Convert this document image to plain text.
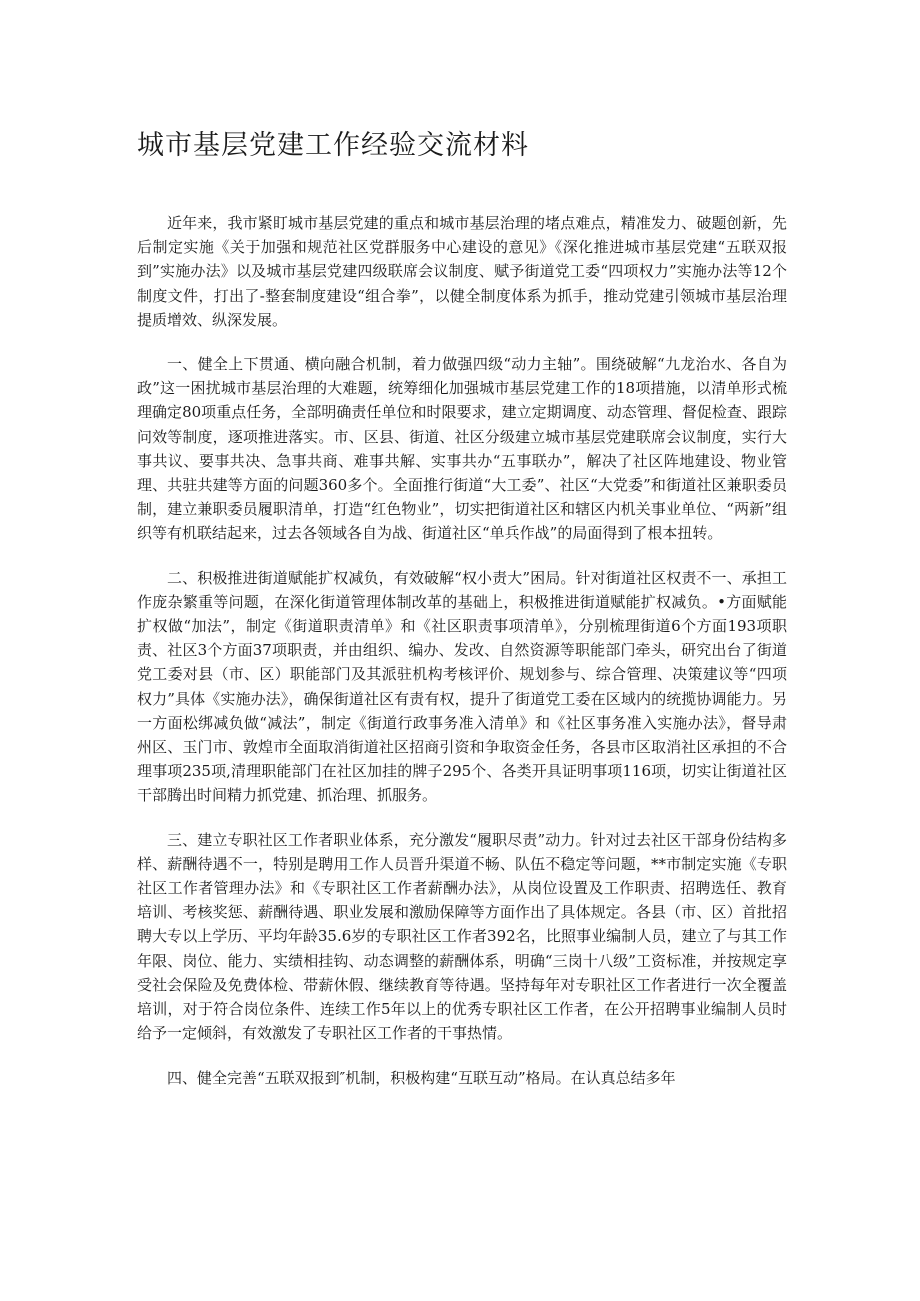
城市基层党建工作经验交流材料

近年来，我市紧盯城市基层党建的重点和城市基层治理的堵点难点，精准发力、破题创新，先后制定实施《关于加强和规范社区党群服务中心建设的意见》《深化推进城市基层党建“五联双报到”实施办法》以及城市基层党建四级联席会议制度、赋予街道党工委“四项权力”实施办法等12个制度文件，打出了-整套制度建设“组合拳”，以健全制度体系为抓手，推动党建引领城市基层治理提质增效、纵深发展。

一、健全上下贯通、横向融合机制，着力做强四级“动力主轴”。围绕破解“九龙治水、各自为政”这一困扰城市基层治理的大难题，统筹细化加强城市基层党建工作的18项措施，以清单形式梳理确定80项重点任务，全部明确责任单位和时限要求，建立定期调度、动态管理、督促检查、跟踪问效等制度，逐项推进落实。市、区县、街道、社区分级建立城市基层党建联席会议制度，实行大事共议、要事共决、急事共商、难事共解、实事共办“五事联办”，解决了社区阵地建设、物业管理、共驻共建等方面的问题360多个。全面推行街道“大工委”、社区“大党委”和街道社区兼职委员制，建立兼职委员履职清单，打造“红色物业”，切实把街道社区和辖区内机关事业单位、“两新”组织等有机联结起来，过去各领域各自为战、街道社区“单兵作战”的局面得到了根本扭转。

二、积极推进街道赋能扩权减负，有效破解“权小责大”困局。针对街道社区权责不一、承担工作庞杂繁重等问题，在深化街道管理体制改革的基础上，积极推进街道赋能扩权减负。•方面赋能扩权做“加法”，制定《街道职责清单》和《社区职责事项清单》，分别梳理街道6个方面193项职责、社区3个方面37项职责，并由组织、编办、发改、自然资源等职能部门牵头，研究出台了街道党工委对县（市、区）职能部门及其派驻机构考核评价、规划参与、综合管理、决策建议等“四项权力”具体《实施办法》，确保街道社区有责有权，提升了街道党工委在区域内的统揽协调能力。另一方面松绑减负做“减法”，制定《街道行政事务准入清单》和《社区事务准入实施办法》，督导肃州区、玉门市、敦煌市全面取消街道社区招商引资和争取资金任务，各县市区取消社区承担的不合理事项235项,清理职能部门在社区加挂的牌子295个、各类开具证明事项116项，切实让街道社区干部腾出时间精力抓党建、抓治理、抓服务。

三、建立专职社区工作者职业体系，充分激发“履职尽责”动力。针对过去社区干部身份结构多样、薪酬待遇不一，特别是聘用工作人员晋升渠道不畅、队伍不稳定等问题，**市制定实施《专职社区工作者管理办法》和《专职社区工作者薪酬办法》，从岗位设置及工作职责、招聘选任、教育培训、考核奖惩、薪酬待遇、职业发展和激励保障等方面作出了具体规定。各县（市、区）首批招聘大专以上学历、平均年龄35.6岁的专职社区工作者392名，比照事业编制人员，建立了与其工作年限、岗位、能力、实绩相挂钩、动态调整的薪酬体系，明确“三岗十八级”工资标准，并按规定享受社会保险及免费体检、带薪休假、继续教育等待遇。坚持每年对专职社区工作者进行一次全覆盖培训，对于符合岗位条件、连续工作5年以上的优秀专职社区工作者，在公开招聘事业编制人员时给予一定倾斜，有效激发了专职社区工作者的干事热情。

四、健全完善“五联双报到″机制，积极构建“互联互动”格局。在认真总结多年
